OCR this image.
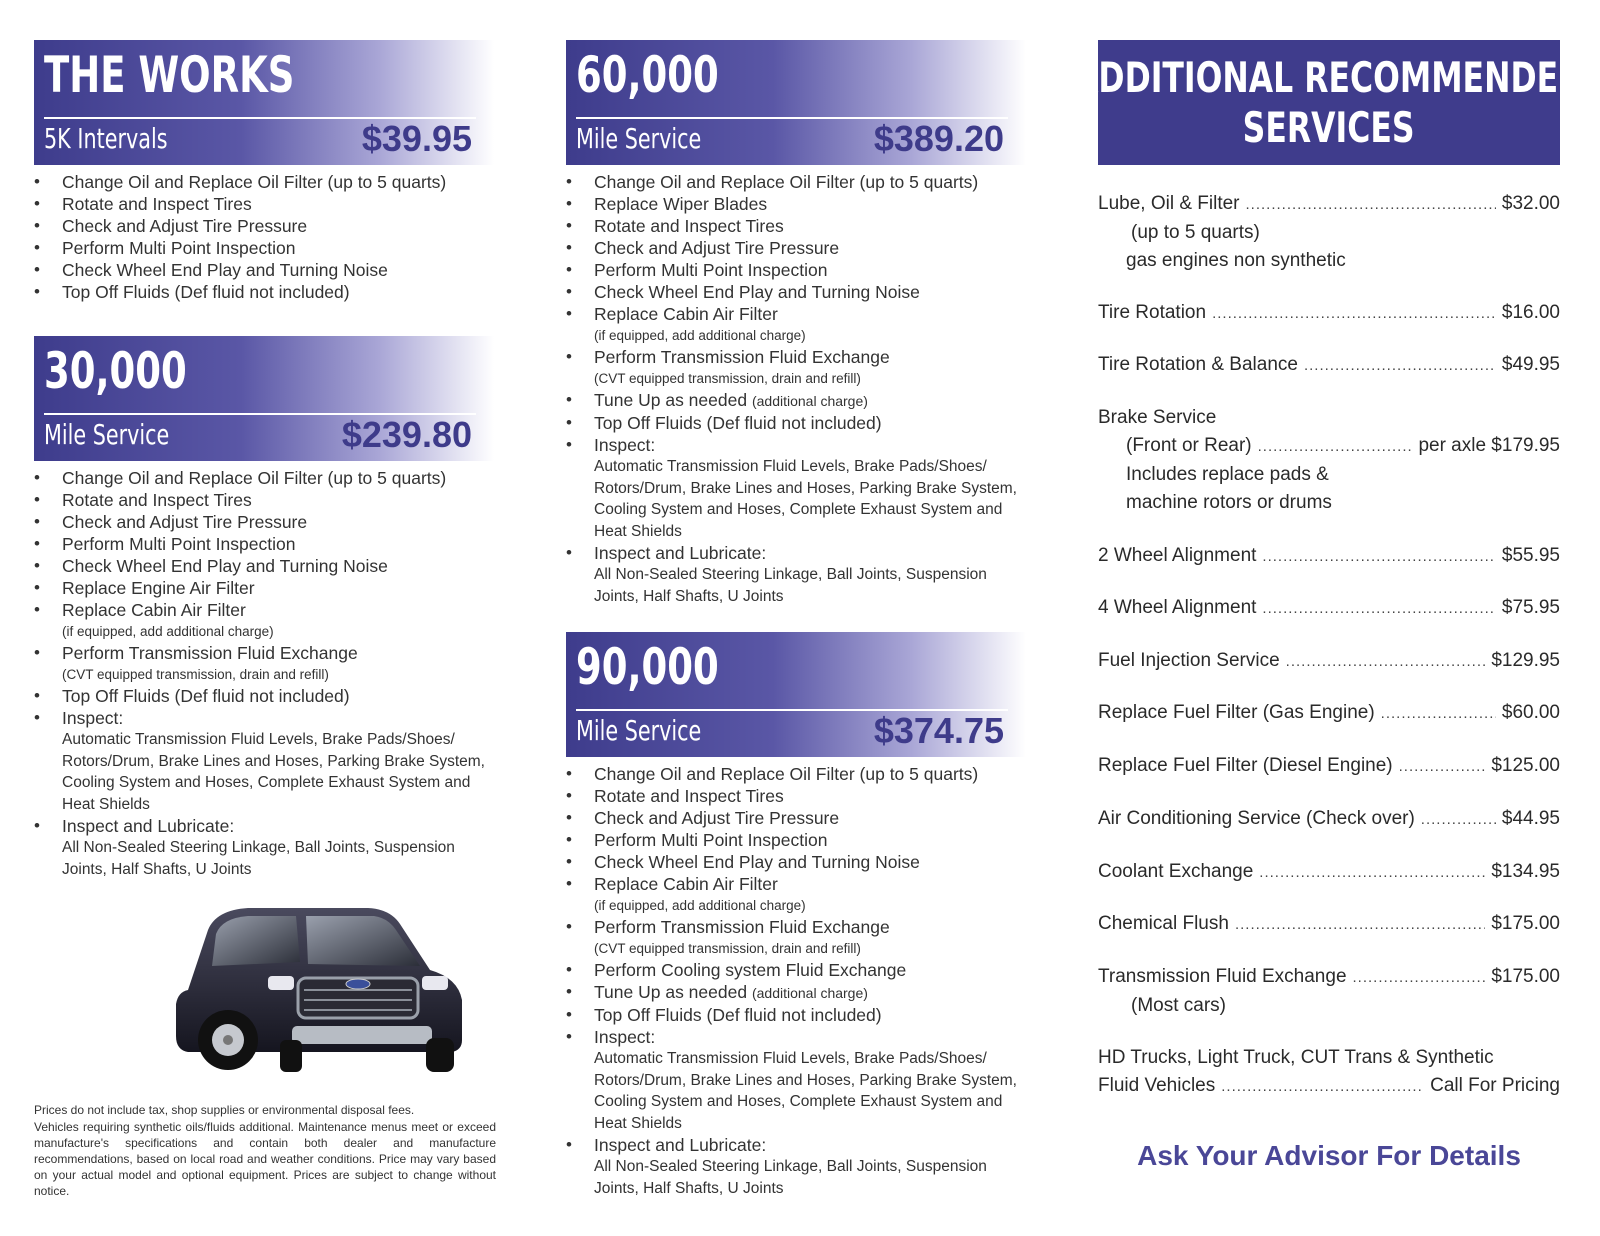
THE WORKS
5K Intervals	$39.95
• Change Oil and Replace Oil Filter (up to 5 quarts)
• Rotate and Inspect Tires
• Check and Adjust Tire Pressure
• Perform Multi Point Inspection
• Check Wheel End Play and Turning Noise
• Top Off Fluids (Def fluid not included)
30,000
Mile Service	$239.80
• Change Oil and Replace Oil Filter (up to 5 quarts)
• Rotate and Inspect Tires
• Check and Adjust Tire Pressure
• Perform Multi Point Inspection
• Check Wheel End Play and Turning Noise
• Replace Engine Air Filter
• Replace Cabin Air Filter
(if equipped, add additional charge)
• Perform Transmission Fluid Exchange
(CVT equipped transmission, drain and refill)
• Top Off Fluids (Def fluid not included)
• Inspect:
Automatic Transmission Fluid Levels, Brake Pads/Shoes/ Rotors/Drum, Brake Lines and Hoses, Parking Brake System, Cooling System and Hoses, Complete Exhaust System and Heat Shields
• Inspect and Lubricate:
All Non-Sealed Steering Linkage, Ball Joints, Suspension Joints, Half Shafts, U Joints

Prices do not include tax, shop supplies or environmental disposal fees.

Vehicles requiring synthetic oils/fluids additional. Maintenance menus meet or exceed manufacture's specifications and contain both dealer and manufacture recommendations, based on local road and weather conditions. Price may vary based on your actual model and optional equipment. Prices are subject to change without notice.

60,000
Mile Service	$389.20
• Change Oil and Replace Oil Filter (up to 5 quarts)
• Replace Wiper Blades
• Rotate and Inspect Tires
• Check and Adjust Tire Pressure
• Perform Multi Point Inspection
• Check Wheel End Play and Turning Noise
• Replace Cabin Air Filter
(if equipped, add additional charge)
• Perform Transmission Fluid Exchange
(CVT equipped transmission, drain and refill)
• Tune Up as needed (additional charge)
• Top Off Fluids (Def fluid not included)
• Inspect:
Automatic Transmission Fluid Levels, Brake Pads/Shoes/ Rotors/Drum, Brake Lines and Hoses, Parking Brake System, Cooling System and Hoses, Complete Exhaust System and Heat Shields
• Inspect and Lubricate:
All Non-Sealed Steering Linkage, Ball Joints, Suspension Joints, Half Shafts, U Joints
90,000
Mile Service	$374.75
• Change Oil and Replace Oil Filter (up to 5 quarts)
• Rotate and Inspect Tires
• Check and Adjust Tire Pressure
• Perform Multi Point Inspection
• Check Wheel End Play and Turning Noise
• Replace Cabin Air Filter
(if equipped, add additional charge)
• Perform Transmission Fluid Exchange
(CVT equipped transmission, drain and refill)
• Perform Cooling system Fluid Exchange
• Tune Up as needed (additional charge)
• Top Off Fluids (Def fluid not included)
• Inspect:
Automatic Transmission Fluid Levels, Brake Pads/Shoes/ Rotors/Drum, Brake Lines and Hoses, Parking Brake System, Cooling System and Hoses, Complete Exhaust System and Heat Shields
• Inspect and Lubricate:
All Non-Sealed Steering Linkage, Ball Joints, Suspension Joints, Half Shafts, U Joints
ADDITIONAL RECOMMENDED
SERVICES
Lube, Oil & Filter .....	$32.00
(up to 5 quarts)
gas engines non synthetic
Tire Rotation .....	$16.00
Tire Rotation & Balance .....	$49.95
Brake Service
(Front or Rear) .....	per axle $179.95
Includes replace pads &
machine rotors or drums
2 Wheel Alignment .....	$55.95
4 Wheel Alignment .....	$75.95
Fuel Injection Service .....	$129.95
Replace Fuel Filter (Gas Engine) .....	$60.00
Replace Fuel Filter (Diesel Engine) .....	$125.00
Air Conditioning Service (Check over) .....	$44.95
Coolant Exchange .....	$134.95
Chemical Flush .....	$175.00
Transmission Fluid Exchange .....	$175.00
(Most cars)
HD Trucks, Light Truck, CUT Trans & Synthetic
Fluid Vehicles .....	Call For Pricing
Ask Your Advisor For Details
